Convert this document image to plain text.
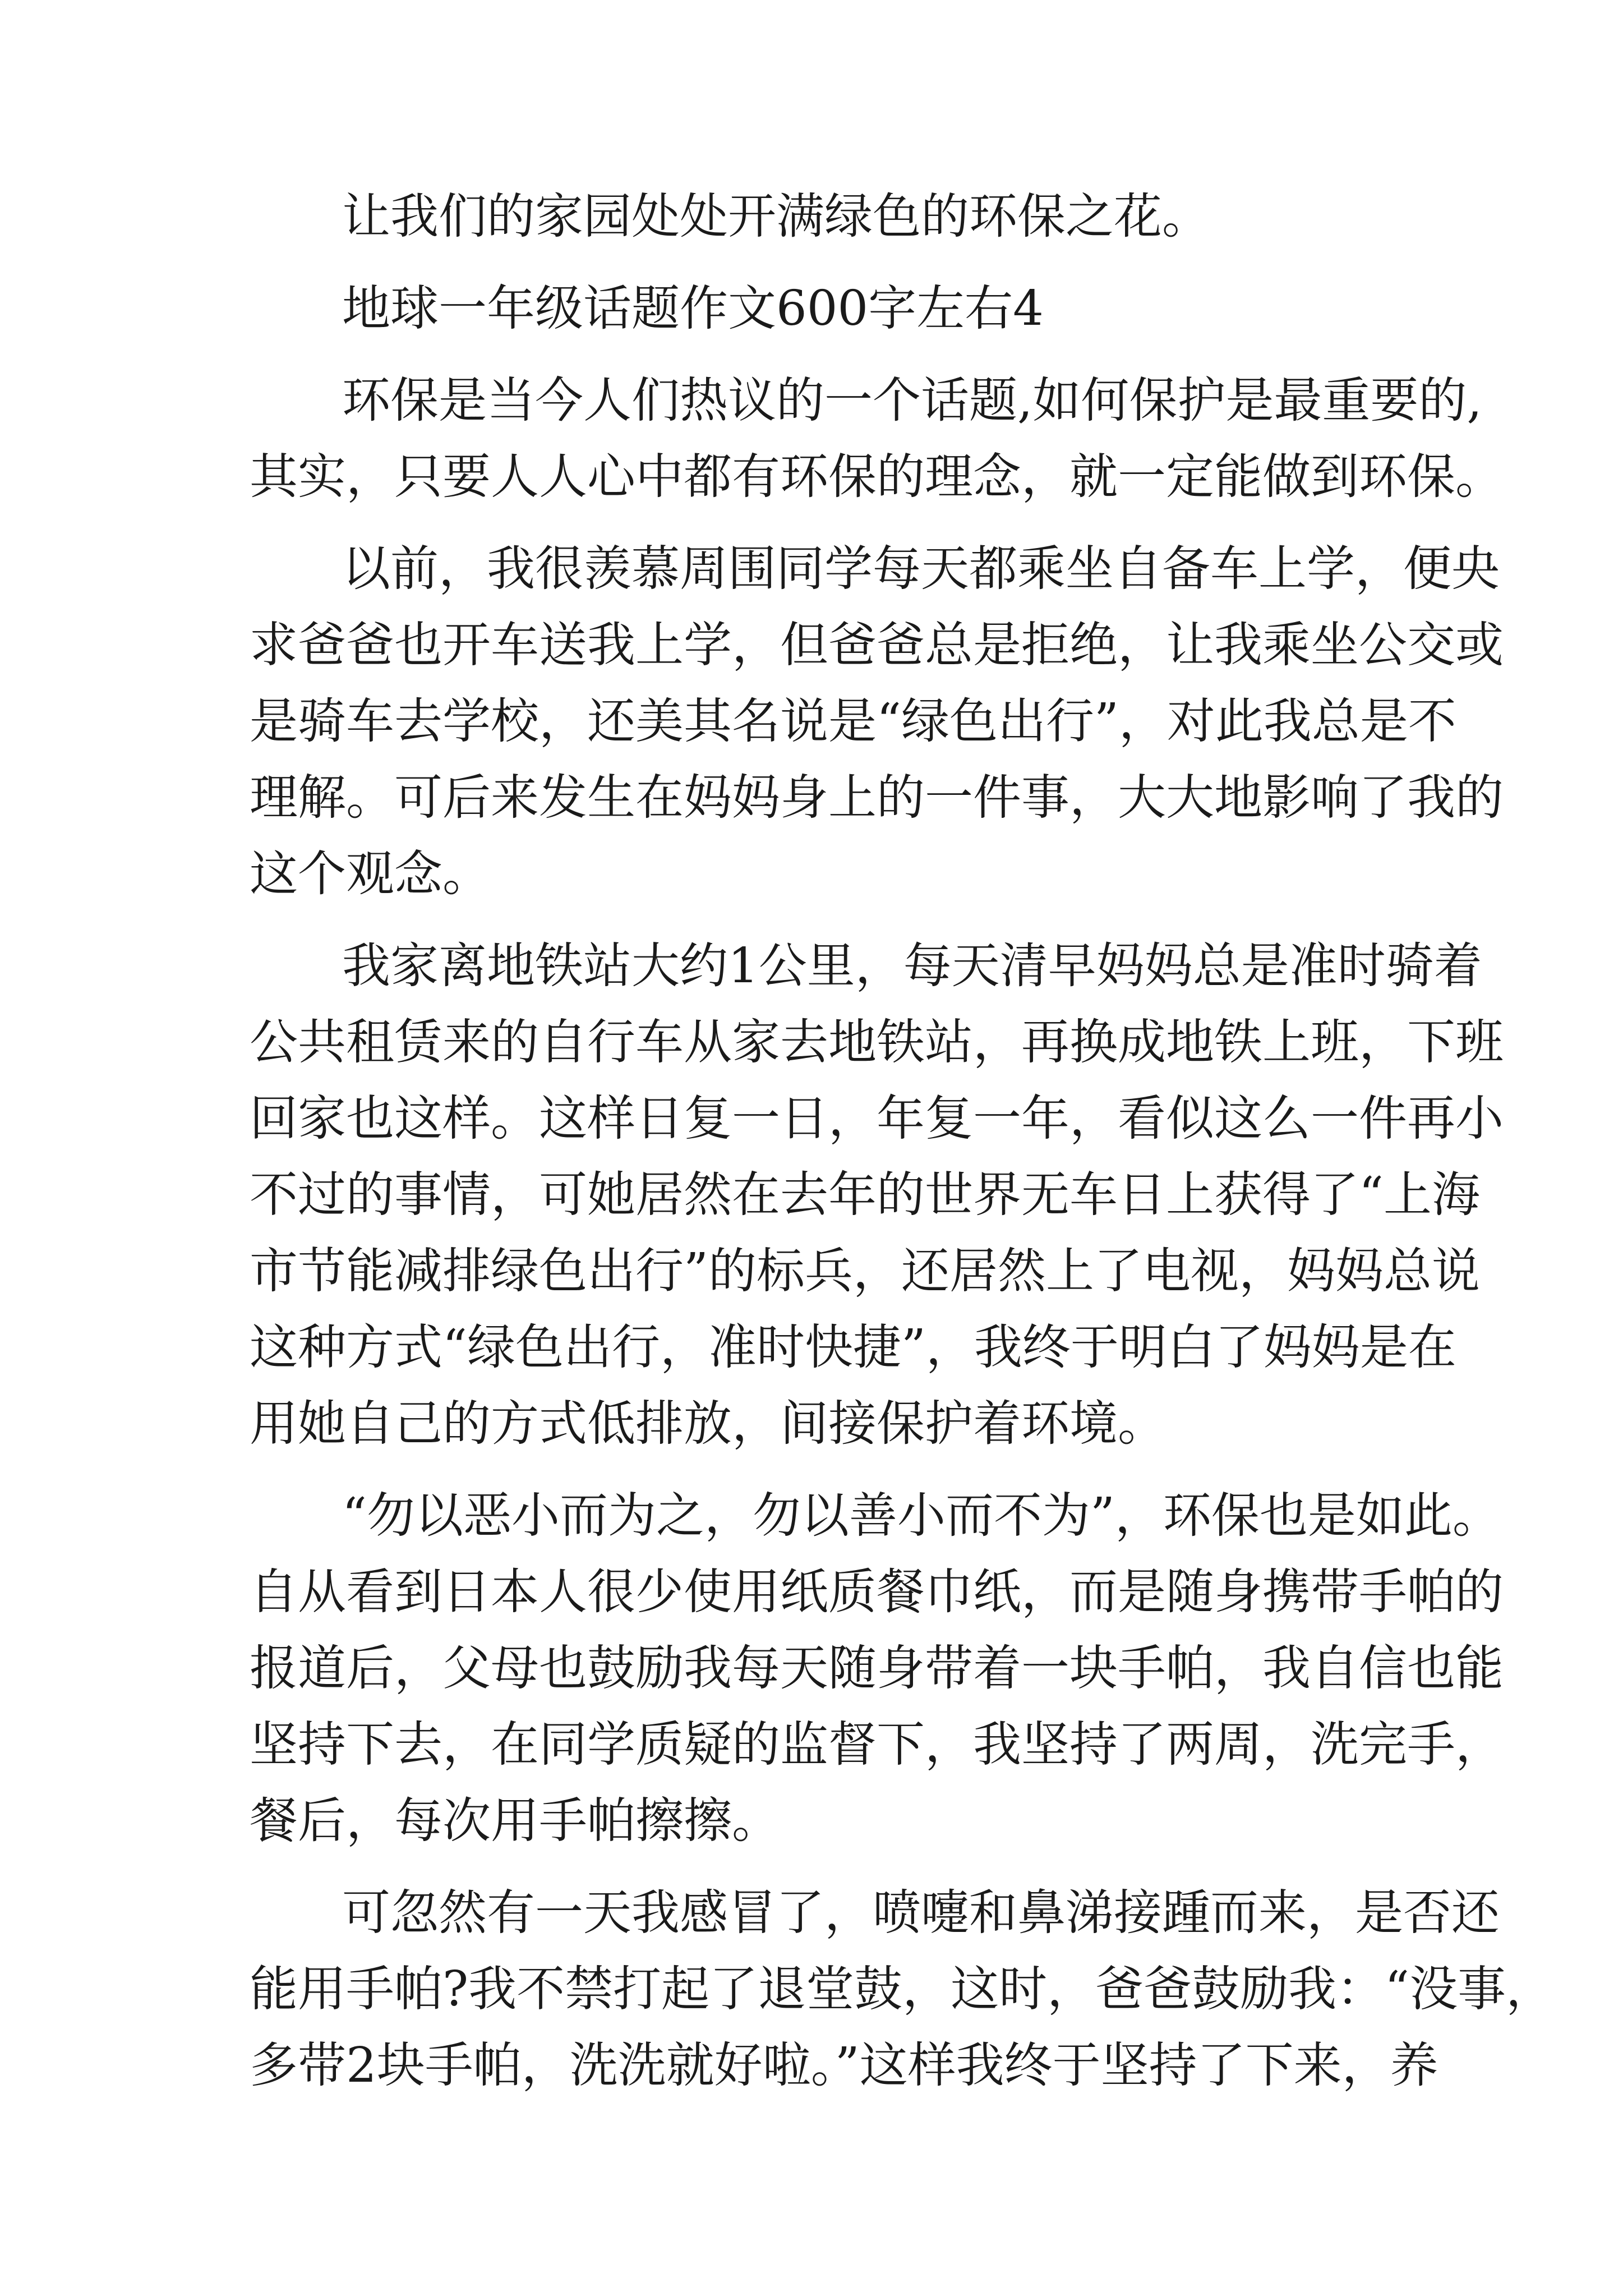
让我们的家园处处开满绿色的环保之花。
地球一年级话题作文600字左右4
环保是当今人们热议的一个话题,如何保护是最重要的,
其实，只要人人心中都有环保的理念，就一定能做到环保。
以前，我很羡慕周围同学每天都乘坐自备车上学，便央
求爸爸也开车送我上学，但爸爸总是拒绝，让我乘坐公交或
是骑车去学校，还美其名说是“绿色出行”，对此我总是不
理解。可后来发生在妈妈身上的一件事，大大地影响了我的
这个观念。
我家离地铁站大约1公里，每天清早妈妈总是准时骑着
公共租赁来的自行车从家去地铁站，再换成地铁上班，下班
回家也这样。这样日复一日，年复一年，看似这么一件再小
不过的事情，可她居然在去年的世界无车日上获得了“上海
市节能减排绿色出行”的标兵，还居然上了电视，妈妈总说
这种方式“绿色出行，准时快捷”，我终于明白了妈妈是在
用她自己的方式低排放，间接保护着环境。
“勿以恶小而为之，勿以善小而不为”，环保也是如此。
自从看到日本人很少使用纸质餐巾纸，而是随身携带手帕的
报道后，父母也鼓励我每天随身带着一块手帕，我自信也能
坚持下去，在同学质疑的监督下，我坚持了两周，洗完手，
餐后，每次用手帕擦擦。
可忽然有一天我感冒了，喷嚏和鼻涕接踵而来，是否还
能用手帕?我不禁打起了退堂鼓，这时，爸爸鼓励我：“没事，
多带2块手帕，洗洗就好啦。”这样我终于坚持了下来，养
